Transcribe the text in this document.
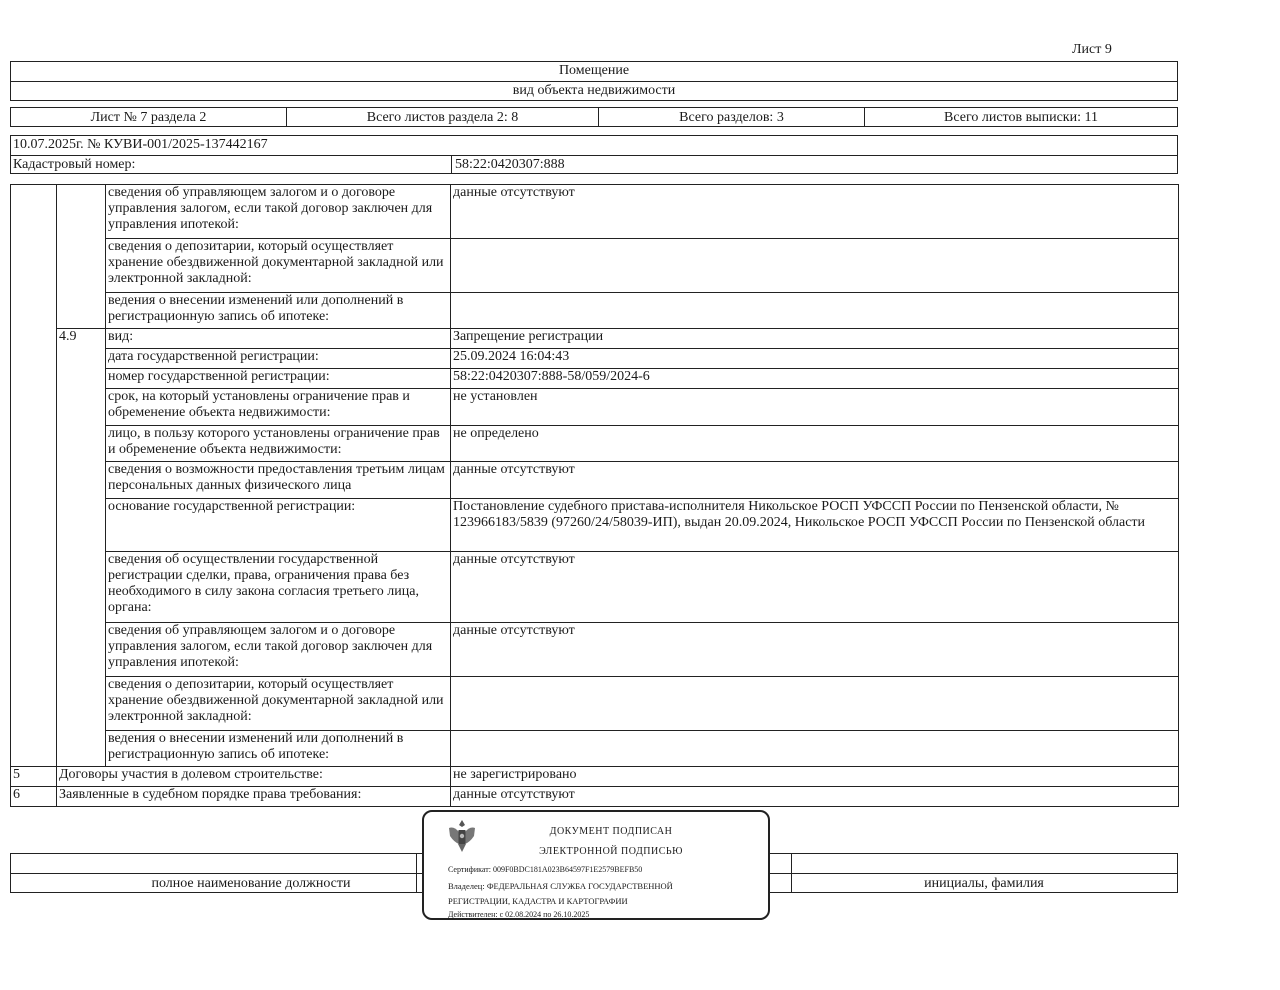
Лист 9
Помещение
вид объекта недвижимости
Лист № 7 раздела 2	Всего листов раздела 2: 8	Всего разделов: 3	Всего листов выписки: 11
10.07.2025г. № КУВИ-001/2025-137442167
Кадастровый номер:	58:22:0420307:888
		сведения об управляющем залогом и о договоре управления залогом, если такой договор заключен для управления ипотекой:	данные отсутствуют
		сведения о депозитарии, который осуществляет хранение обездвиженной документарной закладной или электронной закладной:	
		ведения о внесении изменений или дополнений в регистрационную запись об ипотеке:	
	4.9	вид:	Запрещение регистрации
		дата государственной регистрации:	25.09.2024 16:04:43
		номер государственной регистрации:	58:22:0420307:888-58/059/2024-6
		срок, на который установлены ограничение прав и обременение объекта недвижимости:	не установлен
		лицо, в пользу которого установлены ограничение прав и обременение объекта недвижимости:	не определено
		сведения о возможности предоставления третьим лицам персональных данных физического лица	данные отсутствуют
		основание государственной регистрации:	Постановление судебного пристава-исполнителя Никольское РОСП УФССП России по Пензенской области, № 123966183/5839 (97260/24/58039-ИП), выдан 20.09.2024, Никольское РОСП УФССП России по Пензенской области
		сведения об осуществлении государственной регистрации сделки, права, ограничения права без необходимого в силу закона согласия третьего лица, органа:	данные отсутствуют
		сведения об управляющем залогом и о договоре управления залогом, если такой договор заключен для управления ипотекой:	данные отсутствуют
		сведения о депозитарии, который осуществляет хранение обездвиженной документарной закладной или электронной закладной:	
		ведения о внесении изменений или дополнений в регистрационную запись об ипотеке:	
5	Договоры участия в долевом строительстве:		не зарегистрировано
6	Заявленные в судебном порядке права требования:		данные отсутствуют
полное наименование должности	инициалы, фамилия
ДОКУМЕНТ ПОДПИСАН
ЭЛЕКТРОННОЙ ПОДПИСЬЮ
Сертификат: 009F0BDC181A023B64597F1E2579BEFB50
Владелец: ФЕДЕРАЛЬНАЯ СЛУЖБА ГОСУДАРСТВЕННОЙ
РЕГИСТРАЦИИ, КАДАСТРА И КАРТОГРАФИИ
Действителен: с 02.08.2024 по 26.10.2025
